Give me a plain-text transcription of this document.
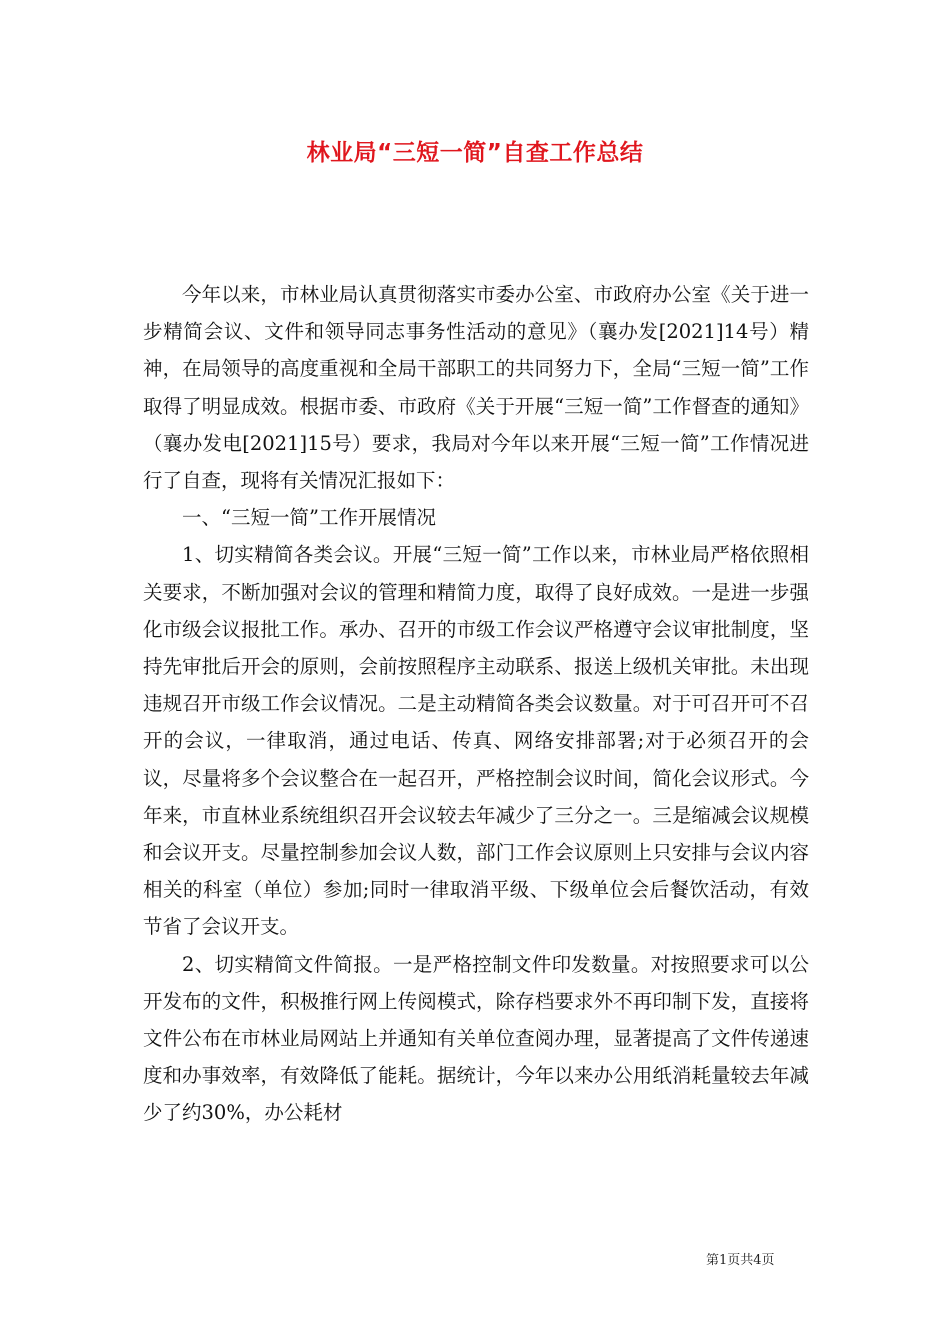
林业局“三短一简”自查工作总结

今年以来，市林业局认真贯彻落实市委办公室、市政府办公室《关于进一步精简会议、文件和领导同志事务性活动的意见》（襄办发[2021]14号）精神，在局领导的高度重视和全局干部职工的共同努力下，全局“三短一简”工作取得了明显成效。根据市委、市政府《关于开展“三短一简”工作督查的通知》（襄办发电[2021]15号）要求，我局对今年以来开展“三短一简”工作情况进行了自查，现将有关情况汇报如下：

一、“三短一简”工作开展情况

1、切实精简各类会议。开展“三短一简”工作以来，市林业局严格依照相关要求，不断加强对会议的管理和精简力度，取得了良好成效。一是进一步强化市级会议报批工作。承办、召开的市级工作会议严格遵守会议审批制度，坚持先审批后开会的原则，会前按照程序主动联系、报送上级机关审批。未出现违规召开市级工作会议情况。二是主动精简各类会议数量。对于可召开可不召开的会议，一律取消，通过电话、传真、网络安排部署;对于必须召开的会议，尽量将多个会议整合在一起召开，严格控制会议时间，简化会议形式。今年来，市直林业系统组织召开会议较去年减少了三分之一。三是缩减会议规模和会议开支。尽量控制参加会议人数，部门工作会议原则上只安排与会议内容相关的科室（单位）参加;同时一律取消平级、下级单位会后餐饮活动，有效节省了会议开支。

2、切实精简文件简报。一是严格控制文件印发数量。对按照要求可以公开发布的文件，积极推行网上传阅模式，除存档要求外不再印制下发，直接将文件公布在市林业局网站上并通知有关单位查阅办理，显著提高了文件传递速度和办事效率，有效降低了能耗。据统计，今年以来办公用纸消耗量较去年减少了约30%，办公耗材

第1页共4页
